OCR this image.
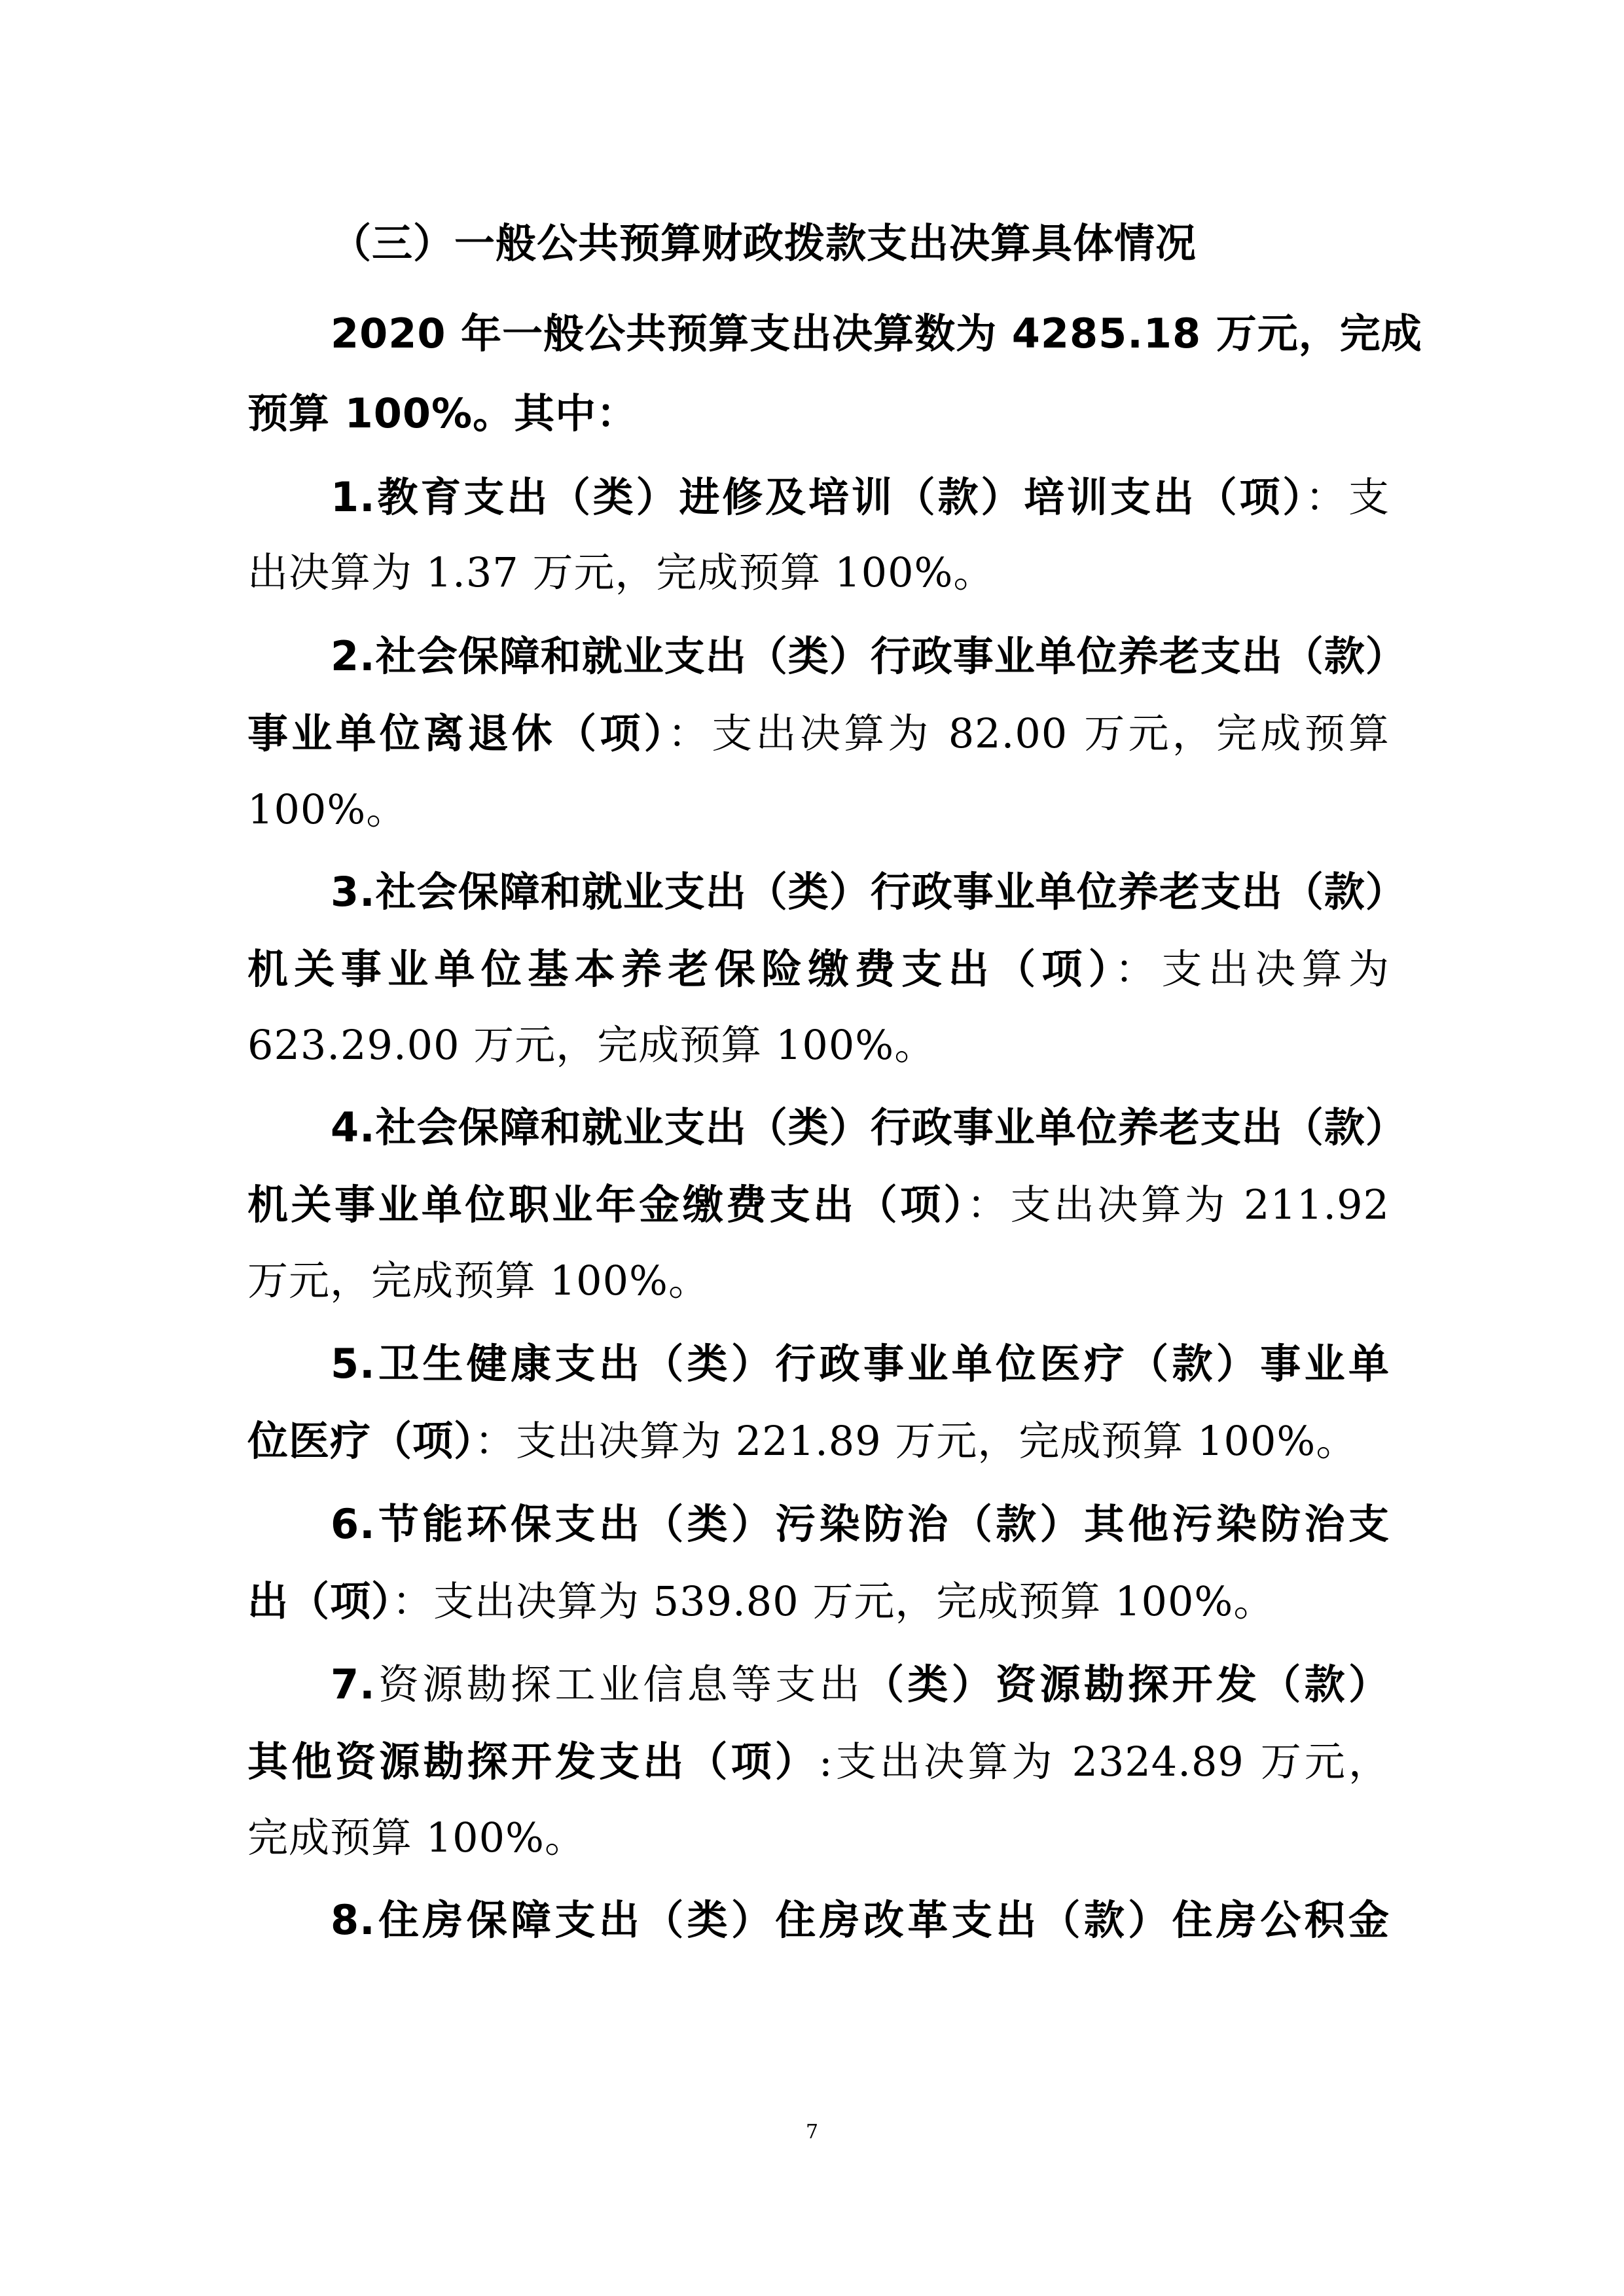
（三）一般公共预算财政拨款支出决算具体情况
2020 年一般公共预算支出决算数为 4285.18 万元，完成
预算 100%。其中：
1.教育支出（类）进修及培训（款）培训支出（项）：支
出决算为 1.37 万元，完成预算 100%。
2.社会保障和就业支出（类）行政事业单位养老支出（款）
事业单位离退休（项）：支出决算为 82.00 万元，完成预算
100%。
3.社会保障和就业支出（类）行政事业单位养老支出（款）
机关事业单位基本养老保险缴费支出（项）：支出决算为
623.29.00 万元，完成预算 100%。
4.社会保障和就业支出（类）行政事业单位养老支出（款）
机关事业单位职业年金缴费支出（项）：支出决算为 211.92
万元，完成预算 100%。
5.卫生健康支出（类）行政事业单位医疗（款）事业单
位医疗（项）：支出决算为 221.89 万元，完成预算 100%。
6.节能环保支出（类）污染防治（款）其他污染防治支
出（项）：支出决算为 539.80 万元，完成预算 100%。
7.资源勘探工业信息等支出（类）资源勘探开发（款）
其他资源勘探开发支出（项）:支出决算为 2324.89 万元，
完成预算 100%。
8.住房保障支出（类）住房改革支出（款）住房公积金
7
